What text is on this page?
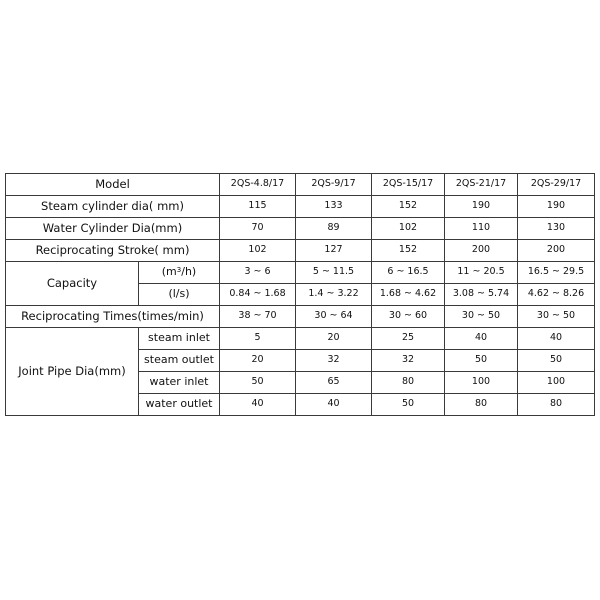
Model		2QS-4.8/17	2QS-9/17	2QS-15/17	2QS-21/17	2QS-29/17
Steam cylinder dia( mm)		115	133	152	190	190
Water Cylinder Dia(mm)		70	89	102	110	130
Reciprocating Stroke( mm)		102	127	152	200	200
Capacity	$(m^3/h)$	3 ~ 6	5 ~ 11.5	6 ~ 16.5	11 ~ 20.5	16.5 ~ 29.5
	(l/s)	0.84 ~ 1.68	1.4 ~ 3.22	1.68 ~ 4.62	3.08 ~ 5.74	4.62 ~ 8.26
Reciprocating Times(times/min)		38 ~ 70	30 ~ 64	30 ~ 60	30 ~ 50	30 ~ 50
Joint Pipe Dia(mm)	steam inlet	5	20	25	40	40
	steam outlet	20	32	32	50	50
	water inlet	50	65	80	100	100
	water outlet	40	40	50	80	80
